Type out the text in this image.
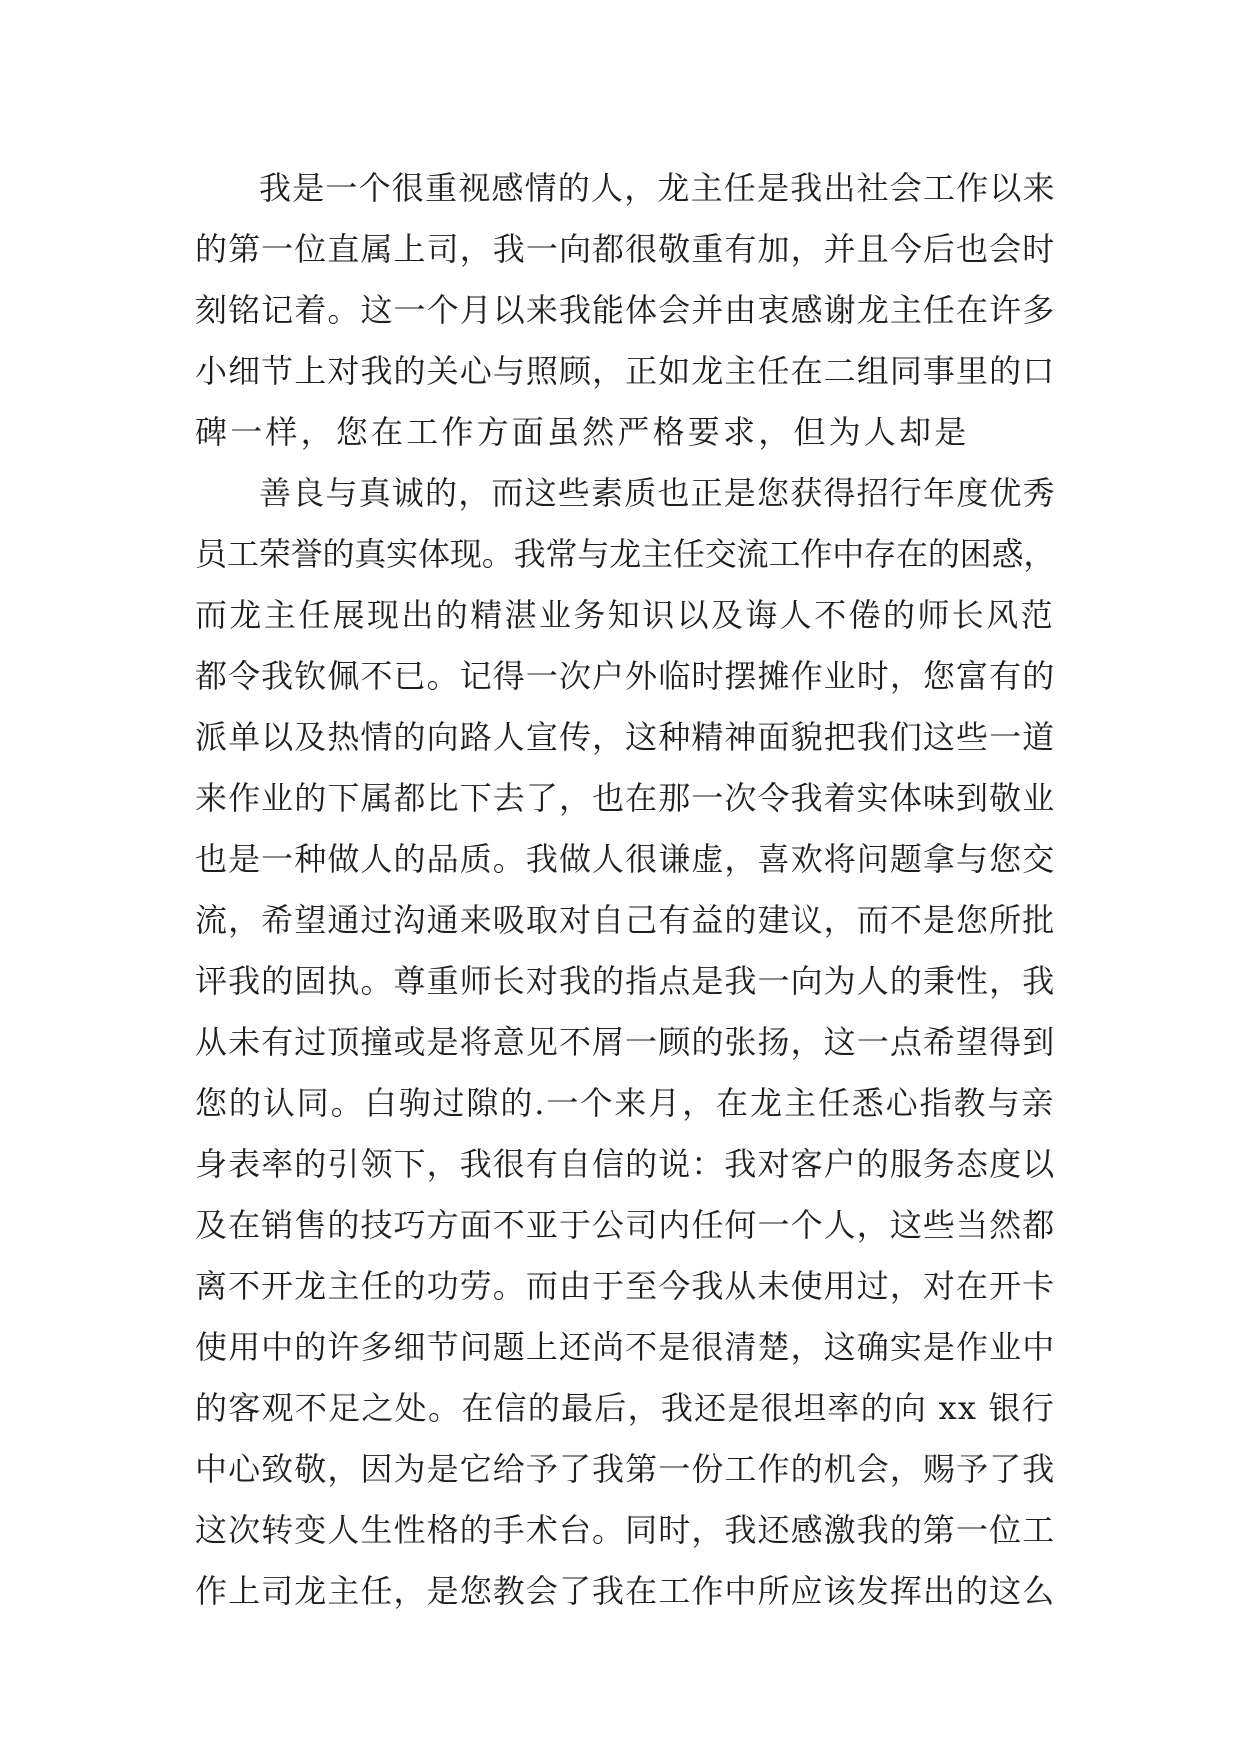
我是一个很重视感情的人，龙主任是我出社会工作以来
的第一位直属上司，我一向都很敬重有加，并且今后也会时
刻铭记着。这一个月以来我能体会并由衷感谢龙主任在许多
小细节上对我的关心与照顾，正如龙主任在二组同事里的口
碑一样，您在工作方面虽然严格要求，但为人却是
善良与真诚的，而这些素质也正是您获得招行年度优秀
员工荣誉的真实体现。我常与龙主任交流工作中存在的困惑，
而龙主任展现出的精湛业务知识以及诲人不倦的师长风范
都令我钦佩不已。记得一次户外临时摆摊作业时，您富有的
派单以及热情的向路人宣传，这种精神面貌把我们这些一道
来作业的下属都比下去了，也在那一次令我着实体味到敬业
也是一种做人的品质。我做人很谦虚，喜欢将问题拿与您交
流，希望通过沟通来吸取对自己有益的建议，而不是您所批
评我的固执。尊重师长对我的指点是我一向为人的秉性，我
从未有过顶撞或是将意见不屑一顾的张扬，这一点希望得到
您的认同。白驹过隙的.一个来月，在龙主任悉心指教与亲
身表率的引领下，我很有自信的说：我对客户的服务态度以
及在销售的技巧方面不亚于公司内任何一个人，这些当然都
离不开龙主任的功劳。而由于至今我从未使用过，对在开卡
使用中的许多细节问题上还尚不是很清楚，这确实是作业中
的客观不足之处。在信的最后，我还是很坦率的向 xx 银行
中心致敬，因为是它给予了我第一份工作的机会，赐予了我
这次转变人生性格的手术台。同时，我还感激我的第一位工
作上司龙主任，是您教会了我在工作中所应该发挥出的这么
